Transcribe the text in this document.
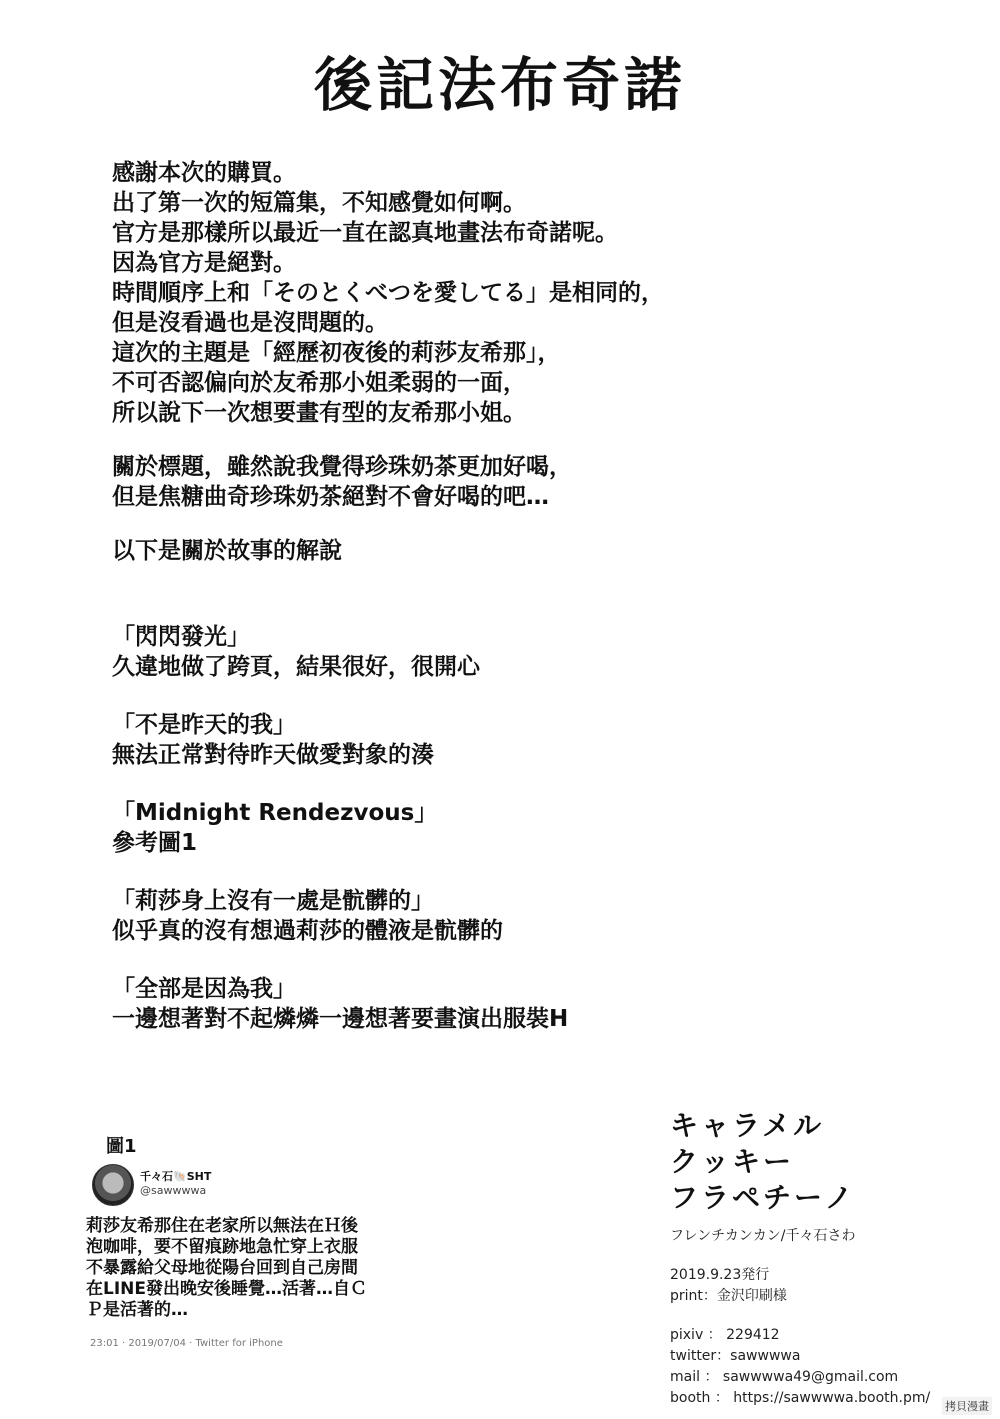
後記法布奇諾
感謝本次的購買。
出了第一次的短篇集，不知感覺如何啊。
官方是那樣所以最近一直在認真地畫法布奇諾呢。
因為官方是絕對。
時間順序上和「そのとくべつを愛してる」是相同的，
但是沒看過也是沒問題的。
這次的主題是「經歷初夜後的莉莎友希那」，
不可否認偏向於友希那小姐柔弱的一面，
所以說下一次想要畫有型的友希那小姐。
關於標題，雖然說我覺得珍珠奶茶更加好喝，
但是焦糖曲奇珍珠奶茶絕對不會好喝的吧…
以下是關於故事的解說
「閃閃發光」
久違地做了跨頁，結果很好，很開心
「不是昨天的我」
無法正常對待昨天做愛對象的湊
「Midnight Rendezvous」
參考圖1
「莉莎身上沒有一處是骯髒的」
似乎真的沒有想過莉莎的體液是骯髒的
「全部是因為我」
一邊想著對不起燐燐一邊想著要畫演出服裝H
圖1
千々石🐚SHT
@sawwwwa
莉莎友希那住在老家所以無法在Ｈ後
泡咖啡，要不留痕跡地急忙穿上衣服
不暴露給父母地從陽台回到自己房間
在LINE發出晚安後睡覺…活著…自Ｃ
Ｐ是活著的…
23:01 · 2019/07/04 · Twitter for iPhone
キャラメル
クッキー
フラペチーノ
フレンチカンカン/千々石さわ
2019.9.23発行
print：金沢印刷様
pixiv ： 229412
twitter：sawwwwa
mail ： sawwwwa49@gmail.com
booth ： https://sawwwwa.booth.pm/
拷貝漫畫
